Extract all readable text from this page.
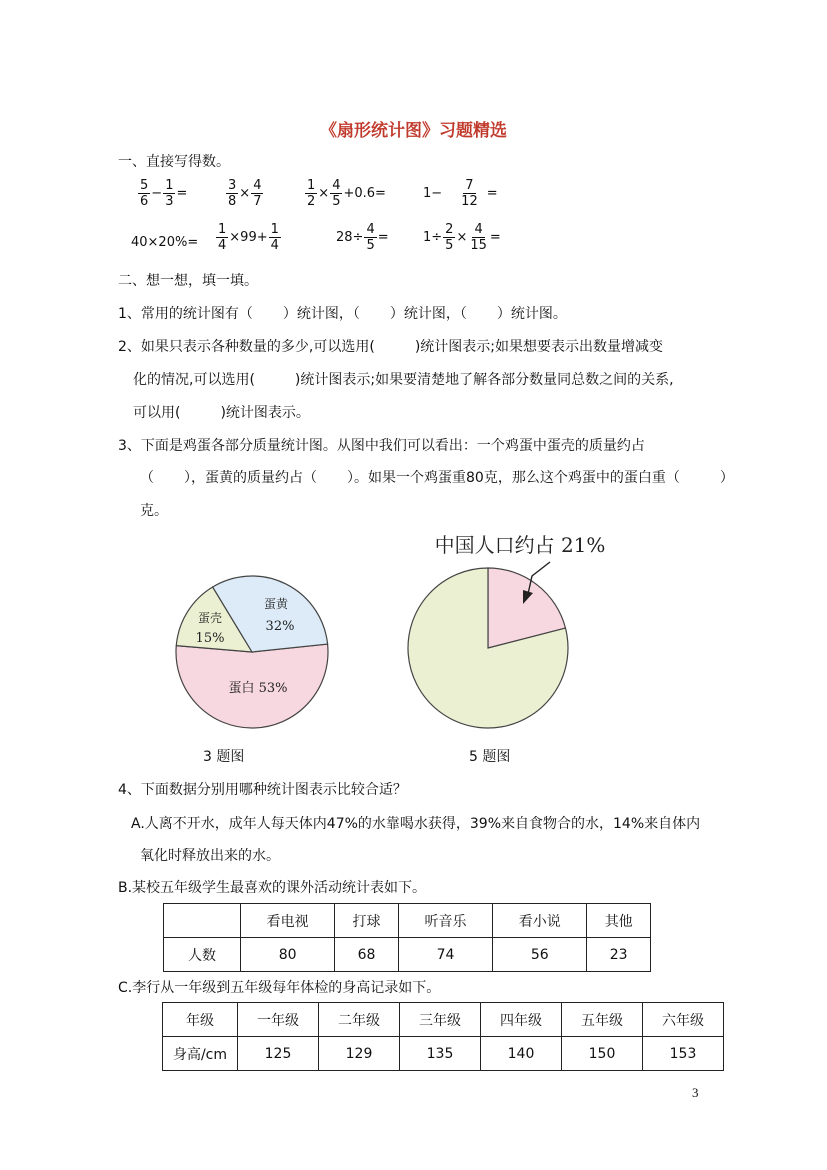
《扇形统计图》习题精选
一、直接写得数。
$\frac{5}{6} - \frac{1}{3}$ =	$\frac{3}{8} \times \frac{4}{7}$	$\frac{1}{2} \times \frac{4}{5} +0.6=$	$1- \frac{7}{12}$ =
$40\times 20\%= \frac{1}{4} \times 99+ \frac{1}{4}$	$28\div \frac{4}{5}$ =	$1\div \frac{2}{5} \times \frac{4}{15}$ =
二、想一想，填一填。
1、常用的统计图有（ ）统计图，（ ）统计图，（ ）统计图。
2、如果只表示各种数量的多少,可以选用(	)统计图表示;如果想要表示出数量增减变
化的情况,可以选用(	)统计图表示;如果要清楚地了解各部分数量同总数之间的关系,
可以用(	)统计图表示。
3、下面是鸡蛋各部分质量统计图。从图中我们可以看出：一个鸡蛋中蛋壳的质量约占
（ ），蛋黄的质量约占（ ）。如果一个鸡蛋重80克，那么这个鸡蛋中的蛋白重（	）
克。
蛋白 53%
蛋壳
15%
蛋黄
32%
中国人口约占 21%
3 题图	5 题图
4、下面数据分别用哪种统计图表示比较合适？
A.人离不开水，成年人每天体内47%的水靠喝水获得，39%来自食物合的水，14%来自体内
氧化时释放出来的水。
B.某校五年级学生最喜欢的课外活动统计表如下。
	看电视	打球	听音乐	看小说	其他
人数	80	68	74	56	23
C.李行从一年级到五年级每年体检的身高记录如下。
年级	一年级	二年级	三年级	四年级	五年级	六年级
身高/cm	125	129	135	140	150	153
3
